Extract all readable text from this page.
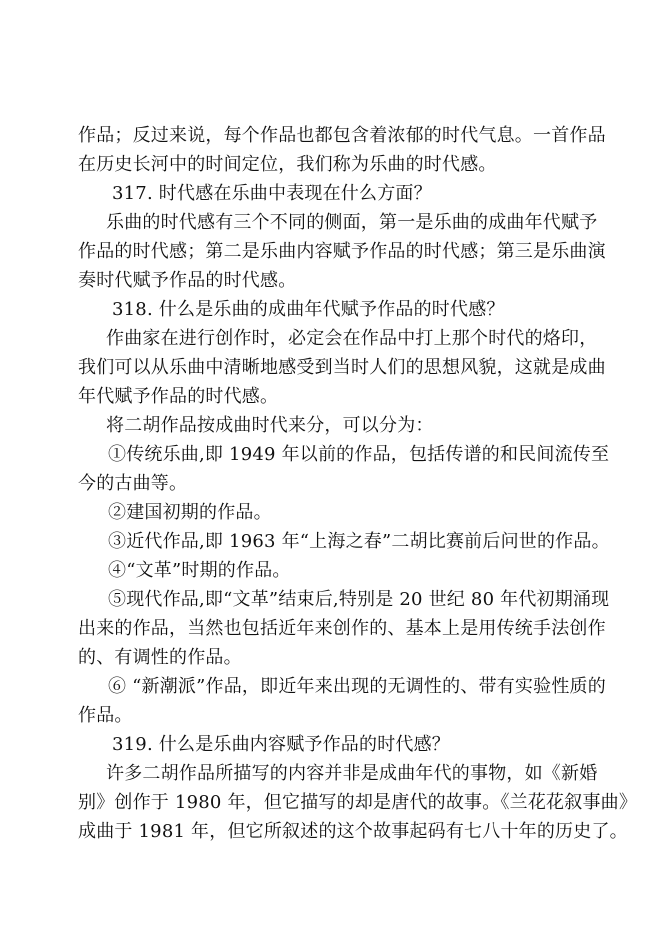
作品；反过来说，每个作品也都包含着浓郁的时代气息。一首作品
在历史长河中的时间定位，我们称为乐曲的时代感。
317. 时代感在乐曲中表现在什么方面？
乐曲的时代感有三个不同的侧面，第一是乐曲的成曲年代赋予
作品的时代感；第二是乐曲内容赋予作品的时代感；第三是乐曲演
奏时代赋予作品的时代感。
318. 什么是乐曲的成曲年代赋予作品的时代感？
作曲家在进行创作时，必定会在作品中打上那个时代的烙印，
我们可以从乐曲中清晰地感受到当时人们的思想风貌，这就是成曲
年代赋予作品的时代感。
将二胡作品按成曲时代来分，可以分为：
①传统乐曲,即 1949 年以前的作品，包括传谱的和民间流传至
今的古曲等。
②建国初期的作品。
③近代作品,即 1963 年“上海之春”二胡比赛前后问世的作品。
④“文革”时期的作品。
⑤现代作品,即“文革”结束后,特别是 20 世纪 80 年代初期涌现
出来的作品，当然也包括近年来创作的、基本上是用传统手法创作
的、有调性的作品。
⑥ “新潮派”作品，即近年来出现的无调性的、带有实验性质的
作品。
319. 什么是乐曲内容赋予作品的时代感？
许多二胡作品所描写的内容并非是成曲年代的事物，如《新婚
别》创作于 1980 年，但它描写的却是唐代的故事。《兰花花叙事曲》
成曲于 1981 年，但它所叙述的这个故事起码有七八十年的历史了。
